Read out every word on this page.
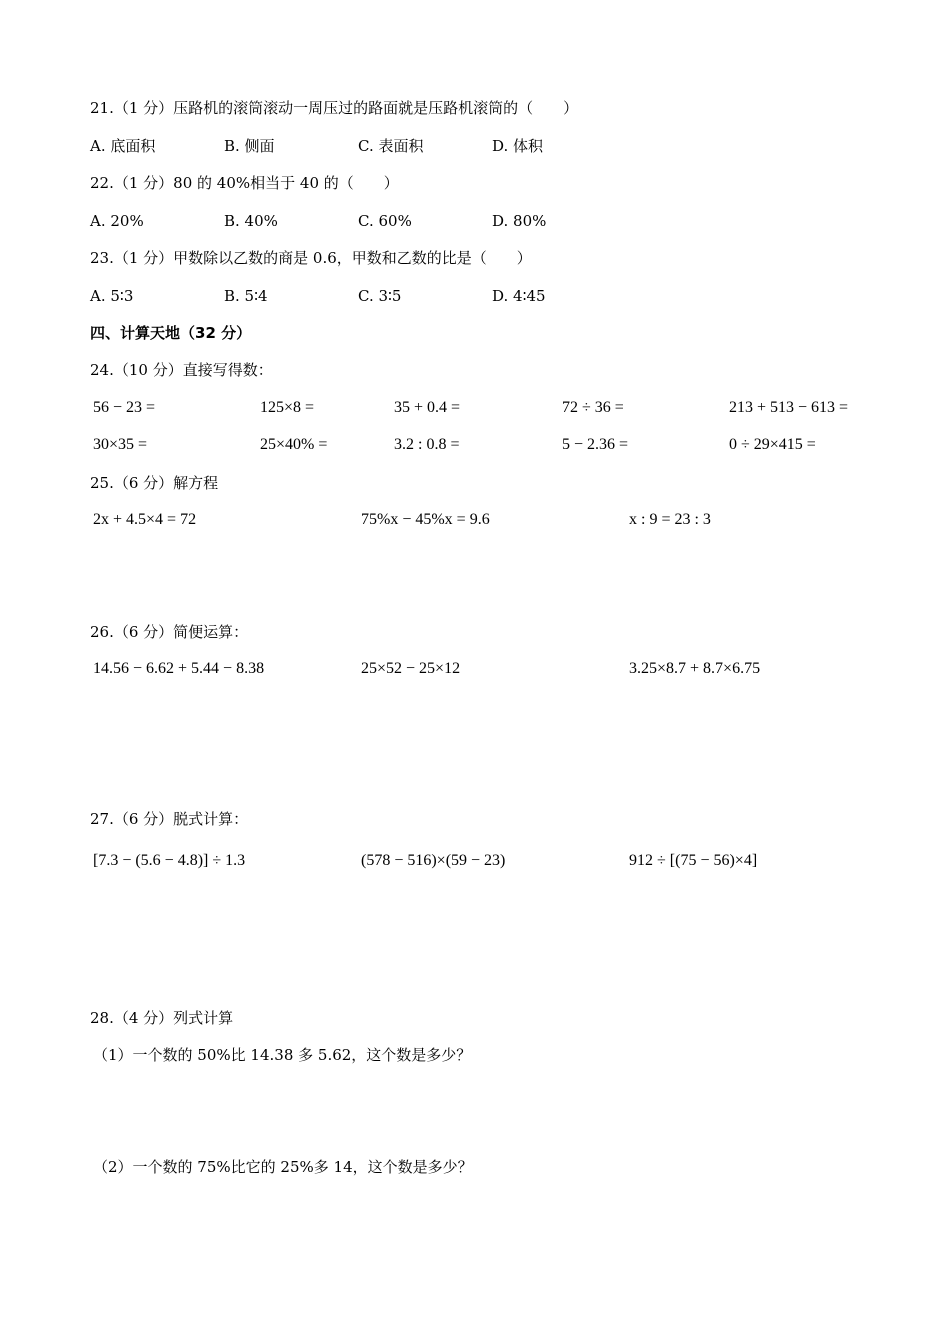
21.（1 分）压路机的滚筒滚动一周压过的路面就是压路机滚筒的（　　）
A. 底面积	B. 侧面	C. 表面积	D. 体积
22.（1 分）80 的 40%相当于 40 的（　　）
A. 20%	B. 40%	C. 60%	D. 80%
23.（1 分）甲数除以乙数的商是 0.6，甲数和乙数的比是（　　）
A. 5∶3	B. 5∶4	C. 3∶5	D. 4∶45
四、计算天地（32 分）
24.（10 分）直接写得数：
56 − 23 =	125×8 =	35 + 0.4 =	72 ÷ 36 =	213 + 513 − 613 =
30×35 =	25×40% =	3.2 : 0.8 =	5 − 2.36 =	0 ÷ 29×415 =
25.（6 分）解方程
2x + 4.5×4 = 72	75%x − 45%x = 9.6	x : 9 = 23 : 3
26.（6 分）简便运算：
14.56 − 6.62 + 5.44 − 8.38	25×52 − 25×12	3.25×8.7 + 8.7×6.75
27.（6 分）脱式计算：
[7.3 − (5.6 − 4.8)] ÷ 1.3	(578 − 516)×(59 − 23)	912 ÷ [(75 − 56)×4]
28.（4 分）列式计算
（1）一个数的 50%比 14.38 多 5.62，这个数是多少？
（2）一个数的 75%比它的 25%多 14，这个数是多少？
